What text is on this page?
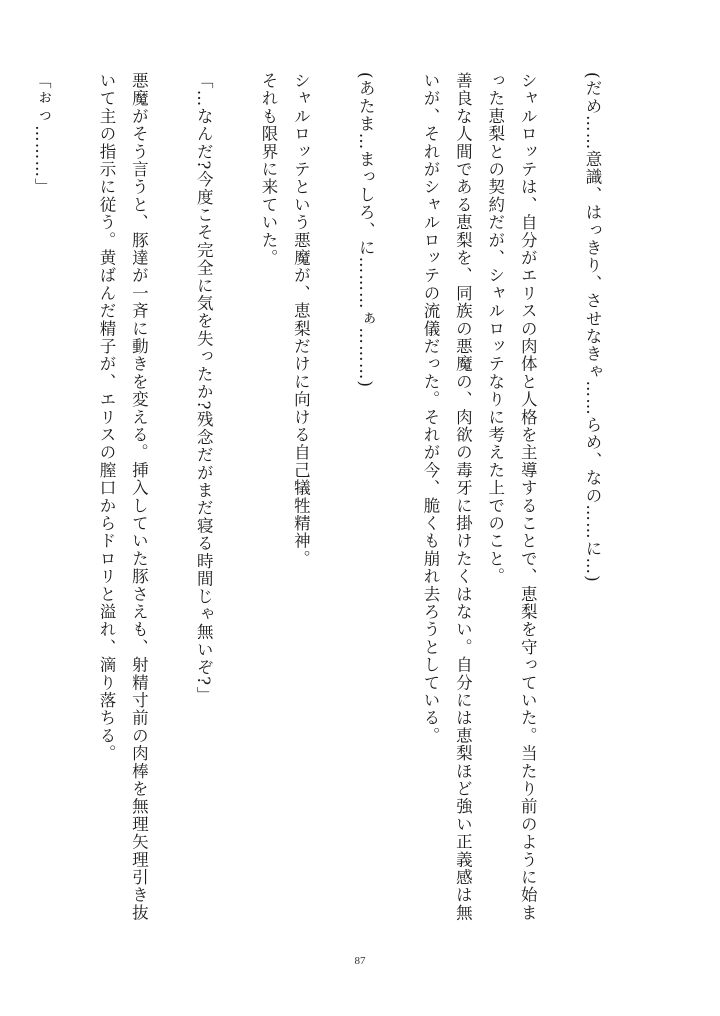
(だめ……意識、はっきり、させなきゃ……らめ、なの……に…)

シャルロッテは、自分がエリスの肉体と人格を主導することで、恵梨を守っていた。当たり前のように始まった恵梨との契約だが、シャルロッテなりに考えた上でのこと。

善良な人間である恵梨を、同族の悪魔の、肉欲の毒牙に掛けたくはない。自分には恵梨ほど強い正義感は無いが、それがシャルロッテの流儀だった。それが今、脆くも崩れ去ろうとしている。

(あたま…まっしろ、に………ぁ………)

シャルロッテという悪魔が、恵梨だけに向ける自己犠牲精神。

それも限界に来ていた。

「…なんだ?今度こそ完全に気を失ったか?残念だがまだ寝る時間じゃ無いぞ?」

悪魔がそう言うと、豚達が一斉に動きを変える。挿入していた豚さえも、射精寸前の肉棒を無理矢理引き抜いて主の指示に従う。黄ばんだ精子が、エリスの膣口からドロリと溢れ、滴り落ちる。

「ぉっ………」

87
